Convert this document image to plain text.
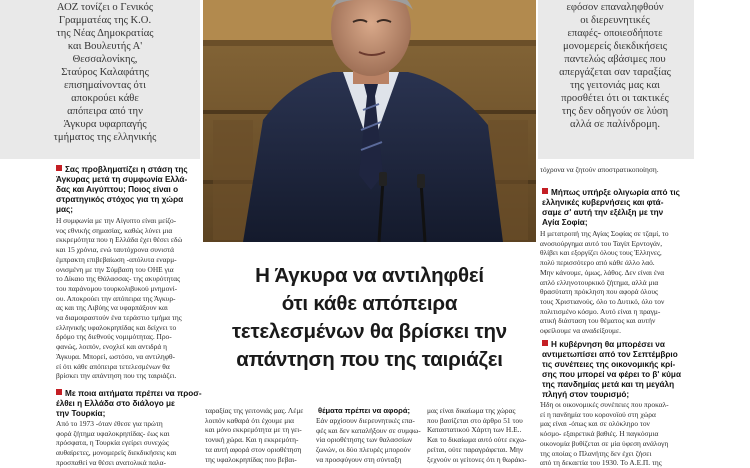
ΑΟΖ τονίζει ο Γενικός
Γραμματέας της Κ.Ο.
της Νέας Δημοκρατίας
και Βουλευτής Α'
Θεσσαλονίκης,
Σταύρος Καλαφάτης
επισημαίνοντας ότι
αποκρούει κάθε
απόπειρα από την
Άγκυρα υφαρπαγής
τμήματος της ελληνικής
εφόσον επαναληφθούν
οι διερευνητικές
επαφές- οποιεσδήποτε
μονομερείς διεκδικήσεις
παντελώς αβάσιμες που
απεργάζεται σαν ταραξίας
της γειτονιάς μας και
προσθέτει ότι οι τακτικές
της δεν οδηγούν σε λύση
αλλά σε παλίνδρομη.
Η Άγκυρα να αντιληφθεί
ότι κάθε απόπειρα
τετελεσμένων θα βρίσκει την
απάντηση που της ταιριάζει
Σας προβληματίζει η στάση της
Άγκυρας μετά τη συμφωνία Ελλά-
δας και Αιγύπτου; Ποιος είναι ο
στρατηγικός στόχος για τη χώρα
μας;
Η συμφωνία με την Αίγυπτο είναι μείζο-
νος εθνικής σημασίας, καθώς λύνει μια
εκκρεμότητα που η Ελλάδα έχει θέσει εδώ
και 15 χρόνια, ενώ ταυτόχρονα συνιστά
έμπρακτη επιβεβαίωση -απόλυτα εναρμ-
ονισμένη με την Σύμβαση του ΟΗΕ για
το Δίκαιο της Θάλασσας- της ακυρότητας
του παράνομου τουρκολιβυκού μνημονί-
ου. Αποκρούει την απόπειρα της Άγκυρ-
ας και της Λιβύης να υφαρπάξουν και
να διαμοιραστούν ένα τεράστιο τμήμα της
ελληνικής υφαλοκρηπίδας και δείχνει το
δρόμο της διεθνούς νομιμότητας. Προ-
φανώς, λοιπόν, ενοχλεί και αντιδρά η
Άγκυρα. Μπορεί, ωστόσο, να αντιληφθ-
εί ότι κάθε απόπειρα τετελεσμένων θα
βρίσκει την απάντηση που της ταιριάζει.
Με ποια αιτήματα πρέπει να προσ-
έλθει η Ελλάδα στο διάλογο με
την Τουρκία;
Από το 1973 -όταν έθεσε για πρώτη
φορά ζήτημα υφαλοκρηπίδας- έως και
πρόσφατα, η Τουρκία εγείρει συνεχώς
αυθαίρετες, μονομερείς διεκδικήσεις και
προσπαθεί να θέσει ανατολικά παλα-
ταραξίας της γειτονιάς μας. Λέμε
λοιπόν καθαρά ότι έχουμε μια
και μόνο εκκρεμότητα με τη γει-
τονική χώρα. Και η εκκρεμότη-
τα αυτή αφορά στον οριοθέτηση
της υφαλοκρηπίδας που βεβαι-
θέματα πρέπει να αφορά;
Εάν αρχίσουν διερευνητικές επα-
φές και δεν καταλήξουν σε συμφω-
νία οριοθέτησης των θαλασσίων
ζωνών, οι δύο πλευρές μπορούν
να προσφύγουν στη σύνταξη
μας είναι δικαίωμα της χώρας
που βασίζεται στο άρθρο 51 του
Καταστατικού Χάρτη των Η.Ε..
Και το δικαίωμα αυτό ούτε εκχω-
ρείται, ούτε παραγράφεται. Μην
ξεχνούν οι γείτονες ότι η θωράκι-
τόχρονα να ζητούν αποστρατικοποίηση.
Μήπως υπήρξε ολιγωρία από τις
ελληνικές κυβερνήσεις και φτά-
σαμε σ' αυτή την εξέλιξη με την
Αγία Σοφία;
Η μετατροπή της Αγίας Σοφίας σε τζαμί, το
ανοσιούργημα αυτό του Ταγίπ Ερντογάν,
θλίβει και εξοργίζει όλους τους Έλληνες,
πολύ περισσότερο από κάθε άλλο λαό.
Μην κάνουμε, όμως, λάθος. Δεν είναι ένα
απλό ελληνοτουρκικό ζήτημα, αλλά μια
θρασύτατη πρόκληση που αφορά όλους
τους Χριστιανούς, όλο το Δυτικό, όλο τον
πολιτισμένο κόσμο. Αυτό είναι η πραγμ-
ατική διάσταση του θέματος και αυτήν
οφείλουμε να αναδείξουμε.
Η κυβέρνηση θα μπορέσει να
αντιμετωπίσει από τον Σεπτέμβριο
τις συνέπειες της οικονομικής κρί-
σης που μπορεί να φέρει το β' κύμα
της πανδημίας μετά και τη μεγάλη
πληγή στον τουρισμό;
Ήδη οι οικονομικές συνέπειες που προκαλ-
εί η πανδημία του κορονοϊού στη χώρα
μας είναι -όπως και σε ολόκληρο τον
κόσμο- εξαιρετικά βαθιές. Η παγκόσμια
οικονομία βυθίζεται σε μία ύφεση ανάλογη
της οποίας ο Πλανήτης δεν έχει ζήσει
από τη δεκαετία του 1930. Το Α.Ε.Π. της
